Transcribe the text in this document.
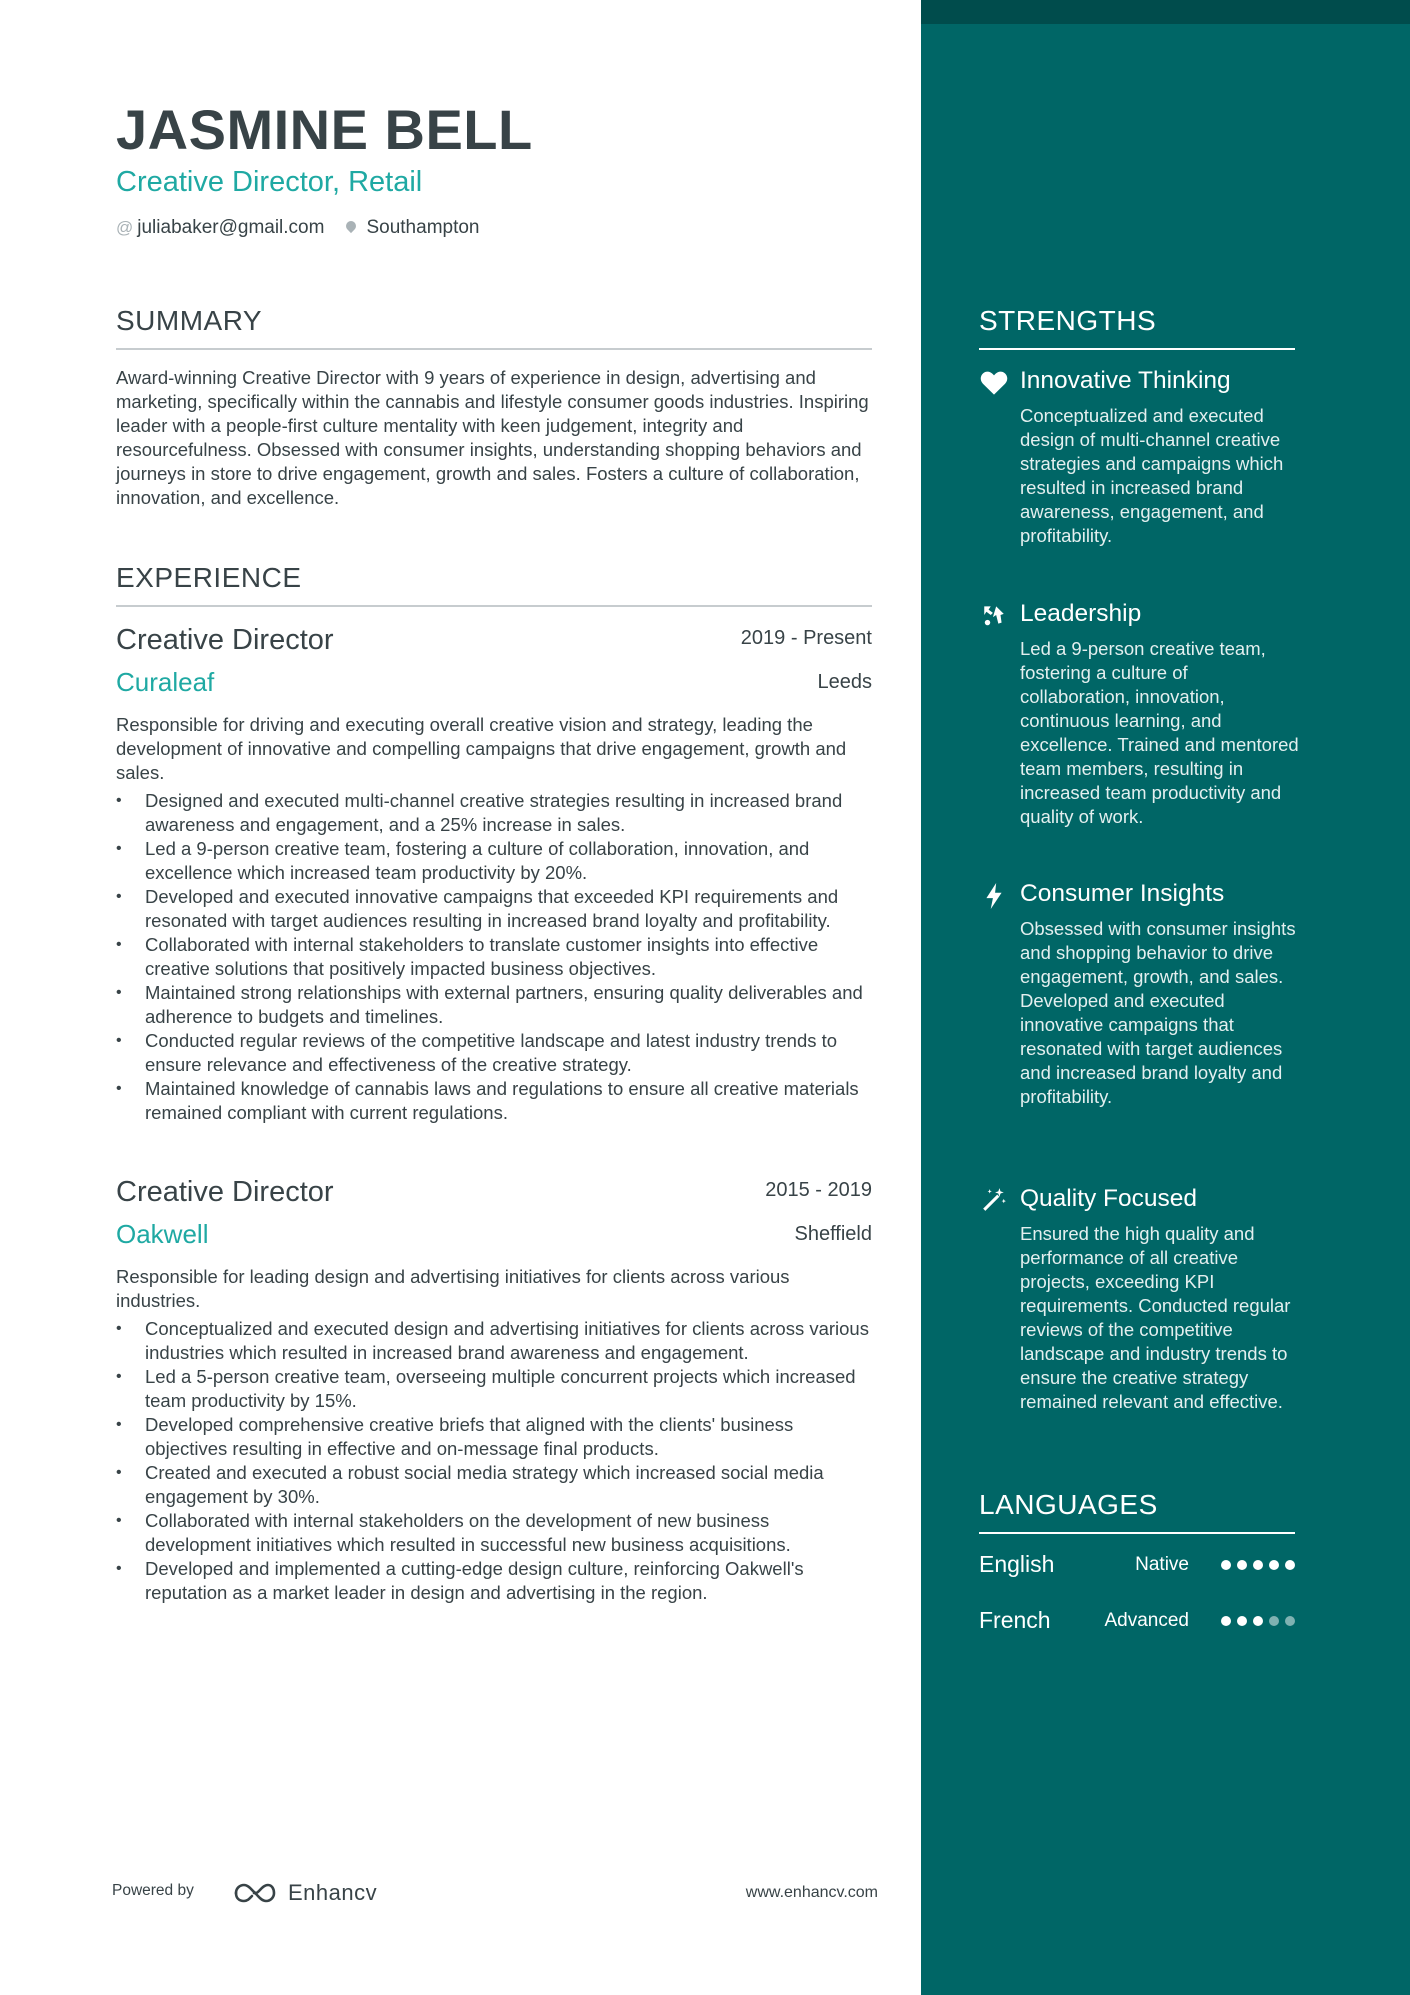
JASMINE BELL
Creative Director, Retail
@ juliabaker@gmail.com Southampton
SUMMARY
Award-winning Creative Director with 9 years of experience in design, advertising and marketing, specifically within the cannabis and lifestyle consumer goods industries. Inspiring leader with a people-first culture mentality with keen judgement, integrity and resourcefulness. Obsessed with consumer insights, understanding shopping behaviors and journeys in store to drive engagement, growth and sales. Fosters a culture of collaboration, innovation, and excellence.
EXPERIENCE
Creative Director	2019 - Present
Curaleaf	Leeds
Responsible for driving and executing overall creative vision and strategy, leading the development of innovative and compelling campaigns that drive engagement, growth and sales.
• Designed and executed multi-channel creative strategies resulting in increased brand awareness and engagement, and a 25% increase in sales.
• Led a 9-person creative team, fostering a culture of collaboration, innovation, and excellence which increased team productivity by 20%.
• Developed and executed innovative campaigns that exceeded KPI requirements and resonated with target audiences resulting in increased brand loyalty and profitability.
• Collaborated with internal stakeholders to translate customer insights into effective creative solutions that positively impacted business objectives.
• Maintained strong relationships with external partners, ensuring quality deliverables and adherence to budgets and timelines.
• Conducted regular reviews of the competitive landscape and latest industry trends to ensure relevance and effectiveness of the creative strategy.
• Maintained knowledge of cannabis laws and regulations to ensure all creative materials remained compliant with current regulations.
Creative Director	2015 - 2019
Oakwell	Sheffield
Responsible for leading design and advertising initiatives for clients across various industries.
• Conceptualized and executed design and advertising initiatives for clients across various industries which resulted in increased brand awareness and engagement.
• Led a 5-person creative team, overseeing multiple concurrent projects which increased team productivity by 15%.
• Developed comprehensive creative briefs that aligned with the clients' business objectives resulting in effective and on-message final products.
• Created and executed a robust social media strategy which increased social media engagement by 30%.
• Collaborated with internal stakeholders on the development of new business development initiatives which resulted in successful new business acquisitions.
• Developed and implemented a cutting-edge design culture, reinforcing Oakwell's reputation as a market leader in design and advertising in the region.
Powered by	Enhancv	www.enhancv.com
STRENGTHS
Innovative Thinking
Conceptualized and executed design of multi-channel creative strategies and campaigns which resulted in increased brand awareness, engagement, and profitability.
Leadership
Led a 9-person creative team, fostering a culture of collaboration, innovation, continuous learning, and excellence. Trained and mentored team members, resulting in increased team productivity and quality of work.
Consumer Insights
Obsessed with consumer insights and shopping behavior to drive engagement, growth, and sales. Developed and executed innovative campaigns that resonated with target audiences and increased brand loyalty and profitability.
Quality Focused
Ensured the high quality and performance of all creative projects, exceeding KPI requirements. Conducted regular reviews of the competitive landscape and industry trends to ensure the creative strategy remained relevant and effective.
LANGUAGES
English	Native
French	Advanced
